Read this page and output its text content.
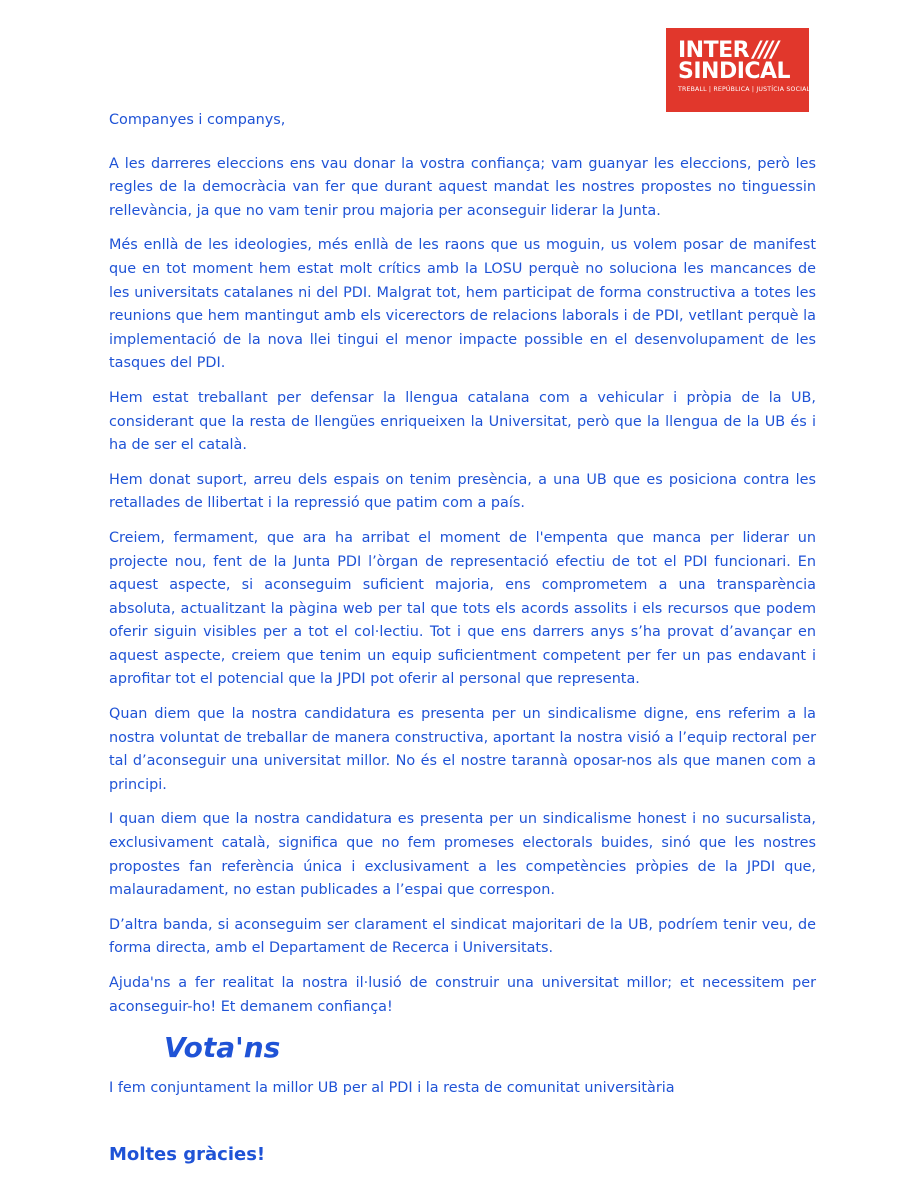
INTER ////
SINDICAL
TREBALL | REPÚBLICA | JUSTÍCIA SOCIAL

Companyes i companys,

A les darreres eleccions ens vau donar la vostra confiança; vam guanyar les eleccions, però les regles de la democràcia van fer que durant aquest mandat les nostres propostes no tinguessin rellevància, ja que no vam tenir prou majoria per aconseguir liderar la Junta.

Més enllà de les ideologies, més enllà de les raons que us moguin, us volem posar de manifest que en tot moment hem estat molt crítics amb la LOSU perquè no soluciona les mancances de les universitats catalanes ni del PDI. Malgrat tot, hem participat de forma constructiva a totes les reunions que hem mantingut amb els vicerectors de relacions laborals i de PDI, vetllant perquè la implementació de la nova llei tingui el menor impacte possible en el desenvolupament de les tasques del PDI.

Hem estat treballant per defensar la llengua catalana com a vehicular i pròpia de la UB, considerant que la resta de llengües enriqueixen la Universitat, però que la llengua de la UB és i ha de ser el català.

Hem donat suport, arreu dels espais on tenim presència, a una UB que es posiciona contra les retallades de llibertat i la repressió que patim com a país.

Creiem, fermament, que ara ha arribat el moment de l'empenta que manca per liderar un projecte nou, fent de la Junta PDI l’òrgan de representació efectiu de tot el PDI funcionari. En aquest aspecte, si aconseguim suficient majoria, ens comprometem a una transparència absoluta, actualitzant la pàgina web per tal que tots els acords assolits i els recursos que podem oferir siguin visibles per a tot el col·lectiu. Tot i que ens darrers anys s’ha provat d’avançar en aquest aspecte, creiem que tenim un equip suficientment competent per fer un pas endavant i aprofitar tot el potencial que la JPDI pot oferir al personal que representa.

Quan diem que la nostra candidatura es presenta per un sindicalisme digne, ens referim a la nostra voluntat de treballar de manera constructiva, aportant la nostra visió a l’equip rectoral per tal d’aconseguir una universitat millor. No és el nostre tarannà oposar-nos als que manen com a principi.

I quan diem que la nostra candidatura es presenta per un sindicalisme honest i no sucursalista, exclusivament català, significa que no fem promeses electorals buides, sinó que les nostres propostes fan referència única i exclusivament a les competències pròpies de la JPDI que, malauradament, no estan publicades a l’espai que correspon.

D’altra banda, si aconseguim ser clarament el sindicat majoritari de la UB, podríem tenir veu, de forma directa, amb el Departament de Recerca i Universitats.

Ajuda'ns a fer realitat la nostra il·lusió de construir una universitat millor; et necessitem per aconseguir-ho! Et demanem confiança!

Vota'ns

I fem conjuntament la millor UB per al PDI i la resta de comunitat universitària

Moltes gràcies!
